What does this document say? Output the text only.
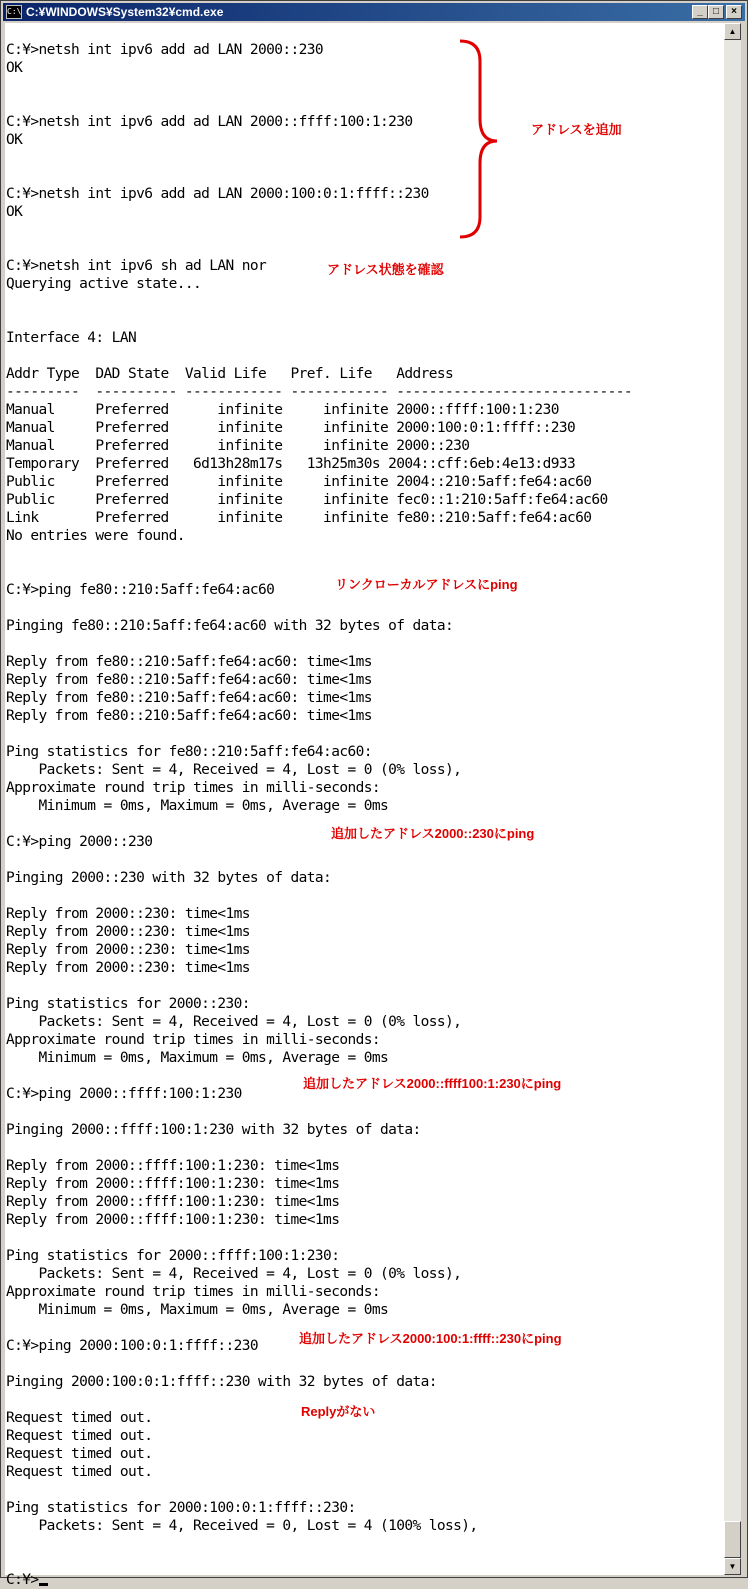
C:\ C:¥WINDOWS¥System32¥cmd.exe	_ □ ×

C:¥>netsh int ipv6 add ad LAN 2000::230
OK

C:¥>netsh int ipv6 add ad LAN 2000::ffff:100:1:230
OK

C:¥>netsh int ipv6 add ad LAN 2000:100:0:1:ffff::230
OK

C:¥>netsh int ipv6 sh ad LAN nor
Querying active state...

Interface 4: LAN

Addr Type  DAD State  Valid Life   Pref. Life   Address
---------  ---------- ------------ ------------ -----------------------------
Manual     Preferred      infinite     infinite 2000::ffff:100:1:230
Manual     Preferred      infinite     infinite 2000:100:0:1:ffff::230
Manual     Preferred      infinite     infinite 2000::230
Temporary  Preferred   6d13h28m17s   13h25m30s 2004::cff:6eb:4e13:d933
Public     Preferred      infinite     infinite 2004::210:5aff:fe64:ac60
Public     Preferred      infinite     infinite fec0::1:210:5aff:fe64:ac60
Link       Preferred      infinite     infinite fe80::210:5aff:fe64:ac60
No entries were found.

C:¥>ping fe80::210:5aff:fe64:ac60

Pinging fe80::210:5aff:fe64:ac60 with 32 bytes of data:

Reply from fe80::210:5aff:fe64:ac60: time<1ms
Reply from fe80::210:5aff:fe64:ac60: time<1ms
Reply from fe80::210:5aff:fe64:ac60: time<1ms
Reply from fe80::210:5aff:fe64:ac60: time<1ms

Ping statistics for fe80::210:5aff:fe64:ac60:
Packets: Sent = 4, Received = 4, Lost = 0 (0% loss),
Approximate round trip times in milli-seconds:
Minimum = 0ms, Maximum = 0ms, Average = 0ms

C:¥>ping 2000::230

Pinging 2000::230 with 32 bytes of data:

Reply from 2000::230: time<1ms
Reply from 2000::230: time<1ms
Reply from 2000::230: time<1ms
Reply from 2000::230: time<1ms

Ping statistics for 2000::230:
Packets: Sent = 4, Received = 4, Lost = 0 (0% loss),
Approximate round trip times in milli-seconds:
Minimum = 0ms, Maximum = 0ms, Average = 0ms

C:¥>ping 2000::ffff:100:1:230

Pinging 2000::ffff:100:1:230 with 32 bytes of data:

Reply from 2000::ffff:100:1:230: time<1ms
Reply from 2000::ffff:100:1:230: time<1ms
Reply from 2000::ffff:100:1:230: time<1ms
Reply from 2000::ffff:100:1:230: time<1ms

Ping statistics for 2000::ffff:100:1:230:
Packets: Sent = 4, Received = 4, Lost = 0 (0% loss),
Approximate round trip times in milli-seconds:
Minimum = 0ms, Maximum = 0ms, Average = 0ms

C:¥>ping 2000:100:0:1:ffff::230

Pinging 2000:100:0:1:ffff::230 with 32 bytes of data:

Request timed out.
Request timed out.
Request timed out.
Request timed out.

Ping statistics for 2000:100:0:1:ffff::230:
Packets: Sent = 4, Received = 0, Lost = 4 (100% loss),

C:¥>
アドレスを追加
アドレス状態を確認
リンクローカルアドレスにping
追加したアドレス2000::230にping
追加したアドレス2000::ffff100:1:230にping
追加したアドレス2000:100:1:ffff::230にping
Replyがない
▲
▼
